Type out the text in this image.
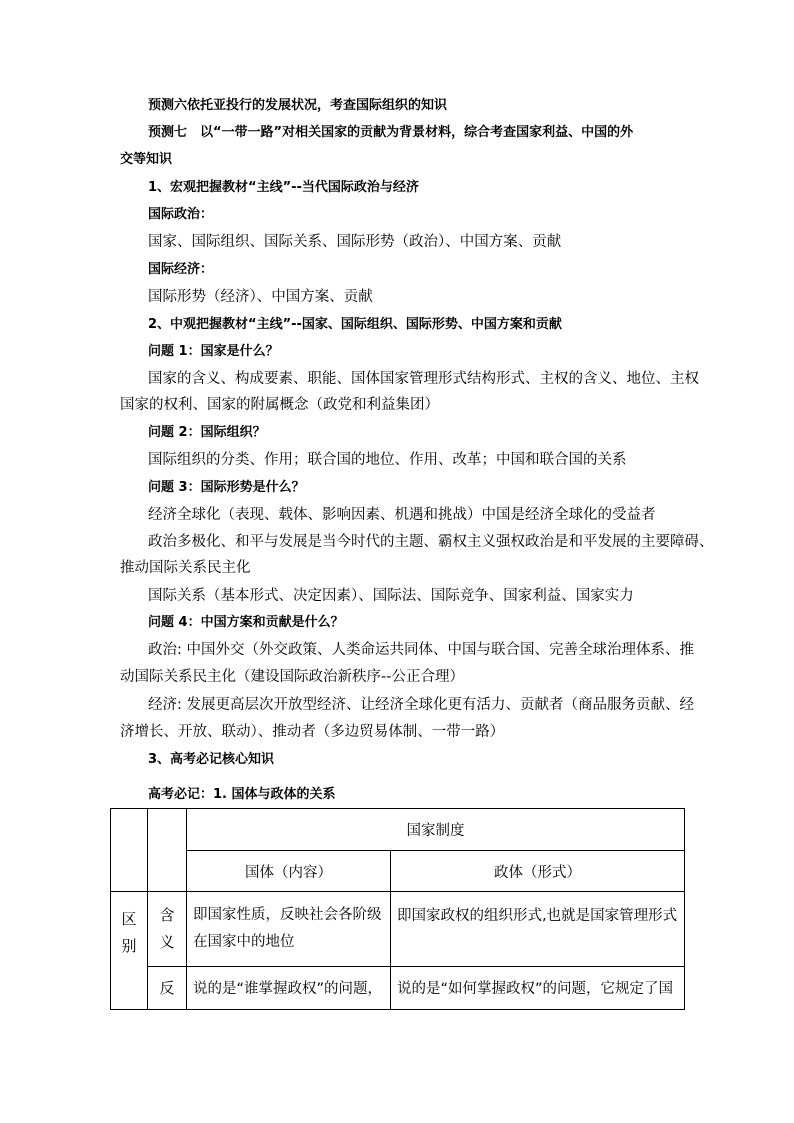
预测六依托亚投行的发展状况，考查国际组织的知识
预测七　以“一带一路”对相关国家的贡献为背景材料，综合考查国家利益、中国的外
交等知识
1、宏观把握教材“主线”--当代国际政治与经济
国际政治：
国家、国际组织、国际关系、国际形势（政治）、中国方案、贡献
国际经济：
国际形势（经济）、中国方案、贡献
2、中观把握教材“主线”--国家、国际组织、国际形势、中国方案和贡献
问题 1：国家是什么？
国家的含义、构成要素、职能、国体国家管理形式结构形式、主权的含义、地位、主权
国家的权利、国家的附属概念（政党和利益集团）
问题 2：国际组织？
国际组织的分类、作用；联合国的地位、作用、改革；中国和联合国的关系
问题 3：国际形势是什么？
经济全球化（表现、载体、影响因素、机遇和挑战）中国是经济全球化的受益者
政治多极化、和平与发展是当今时代的主题、霸权主义强权政治是和平发展的主要障碍、
推动国际关系民主化
国际关系（基本形式、决定因素）、国际法、国际竞争、国家利益、国家实力
问题 4：中国方案和贡献是什么？
政治: 中国外交（外交政策、人类命运共同体、中国与联合国、完善全球治理体系、推
动国际关系民主化（建设国际政治新秩序--公正合理）
经济: 发展更高层次开放型经济、让经济全球化更有活力、贡献者（商品服务贡献、经
济增长、开放、联动）、推动者（多边贸易体制、一带一路）
3、高考必记核心知识
高考必记：1. 国体与政体的关系
		国家制度	
		国体（内容）	政体（形式）

区别	含义	即国家性质，反映社会各阶级在国家中的地位	即国家政权的组织形式,也就是国家管理形式
	反	说的是“谁掌握政权”的问题，	说的是“如何掌握政权”的问题，它规定了国
